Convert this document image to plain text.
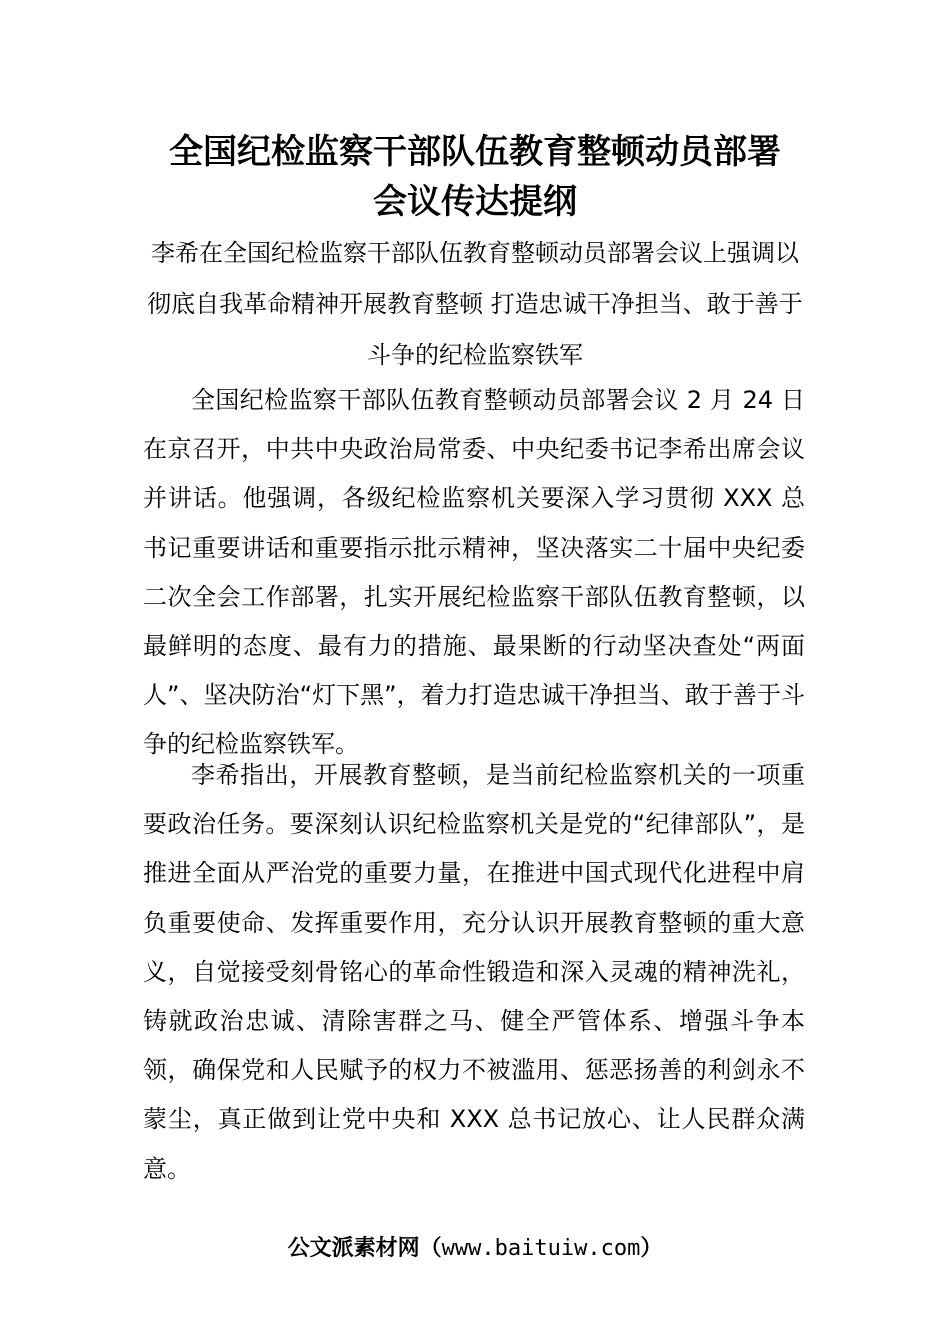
全国纪检监察干部队伍教育整顿动员部署
会议传达提纲

李希在全国纪检监察干部队伍教育整顿动员部署会议上强调以彻底自我革命精神开展教育整顿 打造忠诚干净担当、敢于善于斗争的纪检监察铁军

全国纪检监察干部队伍教育整顿动员部署会议 2 月 24 日在京召开，中共中央政治局常委、中央纪委书记李希出席会议并讲话。他强调，各级纪检监察机关要深入学习贯彻 XXX 总书记重要讲话和重要指示批示精神，坚决落实二十届中央纪委二次全会工作部署，扎实开展纪检监察干部队伍教育整顿，以最鲜明的态度、最有力的措施、最果断的行动坚决查处“两面人”、坚决防治“灯下黑”，着力打造忠诚干净担当、敢于善于斗争的纪检监察铁军。

李希指出，开展教育整顿，是当前纪检监察机关的一项重要政治任务。要深刻认识纪检监察机关是党的“纪律部队”，是推进全面从严治党的重要力量，在推进中国式现代化进程中肩负重要使命、发挥重要作用，充分认识开展教育整顿的重大意义，自觉接受刻骨铭心的革命性锻造和深入灵魂的精神洗礼，铸就政治忠诚、清除害群之马、健全严管体系、增强斗争本领，确保党和人民赋予的权力不被滥用、惩恶扬善的利剑永不蒙尘，真正做到让党中央和 XXX 总书记放心、让人民群众满意。

公文派素材网（www.baituiw.com）
